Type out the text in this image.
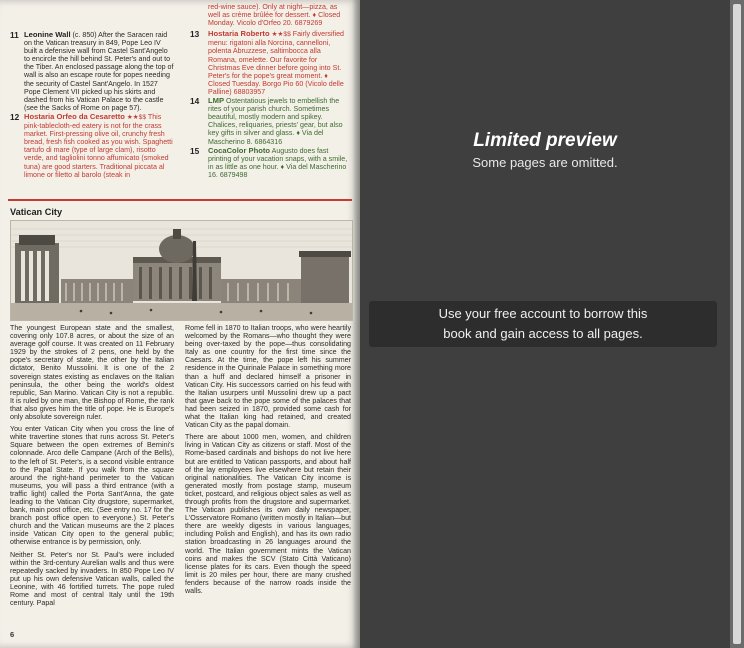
11 Leonine Wall (c. 850) After the Saracen raid on the Vatican treasury in 849, Pope Leo IV built a defensive wall from Castel Sant'Angelo to encircle the hill behind St. Peter's and out to the Tiber. An enclosed passage along the top of wall is also an escape route for popes needing the security of Castel Sant'Angelo. In 1527 Pope Clement VII picked up his skirts and dashed from his Vatican Palace to the castle (see the Sacks of Rome on page 57).
12 Hostaria Orfeo da Cesaretto ★★$$ This pink-tablecloth-ed eatery is not for the crass market. First-pressing olive oil, crunchy fresh bread, fresh fish cooked as you wish. Spaghetti tartufo di mare (type of large clam), risotto verde, and tagliolini tonno affumicato (smoked tuna) are good starters. Traditional piccata al limone or filetto al barolo (steak in
red-wine sauce). Only at night—pizza, as well as crème brûlée for dessert. ♦ Closed Monday. Vicolo d'Orfeo 20. 6879269
13 Hostaria Roberto ★★$$ Fairly diversified menu: rigatoni alla Norcina, cannelloni, polenta Abruzzese, saltimbocca alla Romana, omelette. Our favorite for Christmas Eve dinner before going into St. Peter's for the pope's great moment. ♦ Closed Tuesday. Borgo Pio 60 (Vicolo delle Palline) 68803957
14 LMP Ostentatious jewels to embellish the rites of your parish church. Sometimes beautiful, mostly modern and spikey. Chalices, reliquaries, priests' gear, but also key gifts in silver and glass. ♦ Via del Mascherino 8. 6864316
15 CocaColor Photo Augusto does fast printing of your vacation snaps, with a smile, in as little as one hour. ♦ Via del Mascherino 16. 6879498
Vatican City

The youngest European state and the smallest, covering only 107.8 acres, or about the size of an average golf course. It was created on 11 February 1929 by the strokes of 2 pens, one held by the pope's secretary of state, the other by the Italian dictator, Benito Mussolini. It is one of the 2 sovereign states existing as enclaves on the Italian peninsula, the other being the world's oldest republic, San Marino. Vatican City is not a republic. It is ruled by one man, the Bishop of Rome, the rank that also gives him the title of pope. He is Europe's only absolute sovereign ruler.

You enter Vatican City when you cross the line of white travertine stones that runs across St. Peter's Square between the open extremes of Bernini's colonnade. Arco delle Campane (Arch of the Bells), to the left of St. Peter's, is a second visible entrance to the Papal State. If you walk from the square around the right-hand perimeter to the Vatican museums, you will pass a third entrance (with a traffic light) called the Porta Sant'Anna, the gate leading to the Vatican City drugstore, supermarket, bank, main post office, etc. (See entry no. 17 for the branch post office open to everyone.) St. Peter's church and the Vatican museums are the 2 places inside Vatican City open to the general public; otherwise entrance is by permission, only.

Neither St. Peter's nor St. Paul's were included within the 3rd-century Aurelian walls and thus were repeatedly sacked by invaders. In 850 Pope Leo IV put up his own defensive Vatican walls, called the Leonine, with 46 fortified turrets. The pope ruled Rome and most of central Italy until the 19th century. Papal

Rome fell in 1870 to Italian troops, who were heartily welcomed by the Romans—who thought they were being over-taxed by the pope—thus consolidating Italy as one country for the first time since the Caesars. At the time, the pope left his summer residence in the Quirinale Palace in something more than a huff and declared himself a prisoner in Vatican City. His successors carried on his feud with the Italian usurpers until Mussolini drew up a pact that gave back to the pope some of the palaces that had been seized in 1870, provided some cash for what the Italian king had retained, and created Vatican City as the papal domain.

There are about 1000 men, women, and children living in Vatican City as citizens or staff. Most of the Rome-based cardinals and bishops do not live here but are entitled to Vatican passports, and about half of the lay employees live elsewhere but retain their original nationalities. The Vatican City income is generated mostly from postage stamp, museum ticket, postcard, and religious object sales as well as through profits from the drugstore and supermarket. The Vatican publishes its own daily newspaper, L'Osservatore Romano (written mostly in Italian—but there are weekly digests in various languages, including Polish and English), and has its own radio station broadcasting in 26 languages around the world. The Italian government mints the Vatican coins and makes the SCV (Stato Città Vaticano) license plates for its cars. Even though the speed limit is 20 miles per hour, there are many crushed fenders because of the narrow roads inside the walls.

6
Limited preview
Some pages are omitted.
Use your free account to borrow this
book and gain access to all pages.
